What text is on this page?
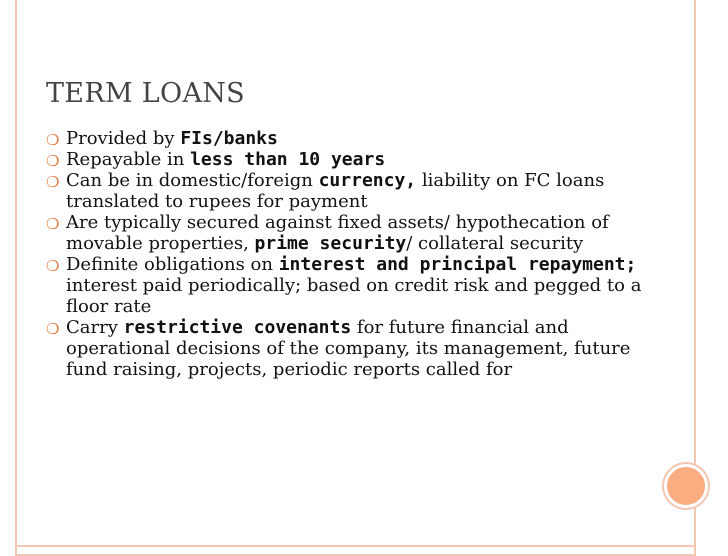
TERM LOANS
❍ Provided by FIs/banks
❍ Repayable in less than 10 years
❍ Can be in domestic/foreign currency, liability on FC loans translated to rupees for payment
❍ Are typically secured against fixed assets/ hypothecation of movable properties, prime security/ collateral security
❍ Definite obligations on interest and principal repayment; interest paid periodically; based on credit risk and pegged to a floor rate
❍ Carry restrictive covenants for future financial and operational decisions of the company, its management, future fund raising, projects, periodic reports called for
